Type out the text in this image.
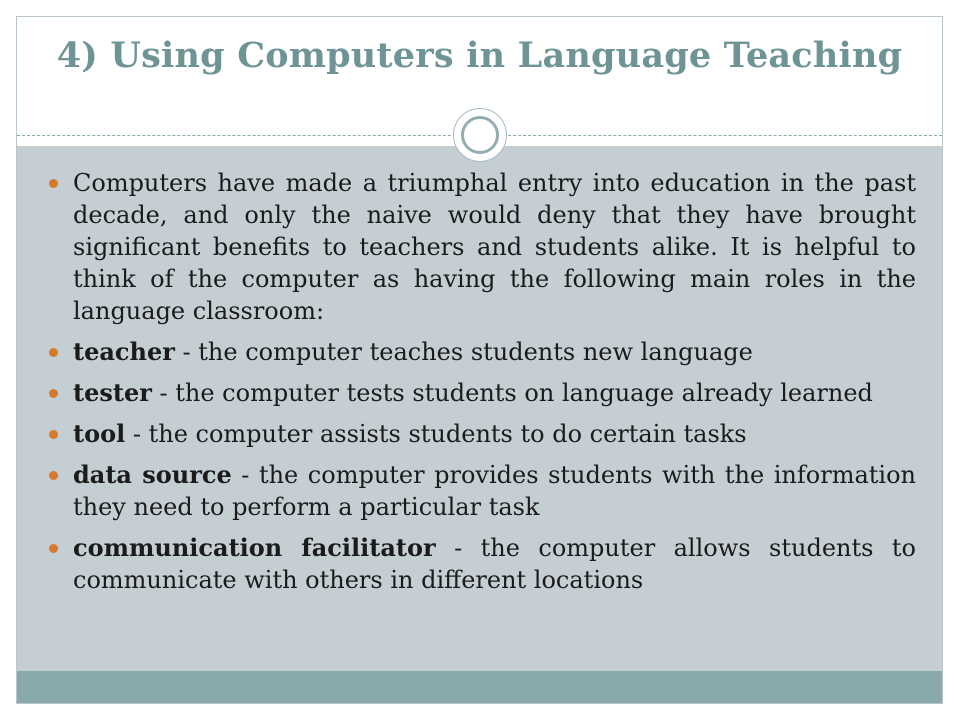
4) Using Computers in Language Teaching
Computers have made a triumphal entry into education in the past decade, and only the naive would deny that they have brought significant benefits to teachers and students alike. It is helpful to think of the computer as having the following main roles in the language classroom:
teacher - the computer teaches students new language
tester - the computer tests students on language already learned
tool - the computer assists students to do certain tasks
data source - the computer provides students with the information they need to perform a particular task
communication facilitator - the computer allows students to communicate with others in different locations
